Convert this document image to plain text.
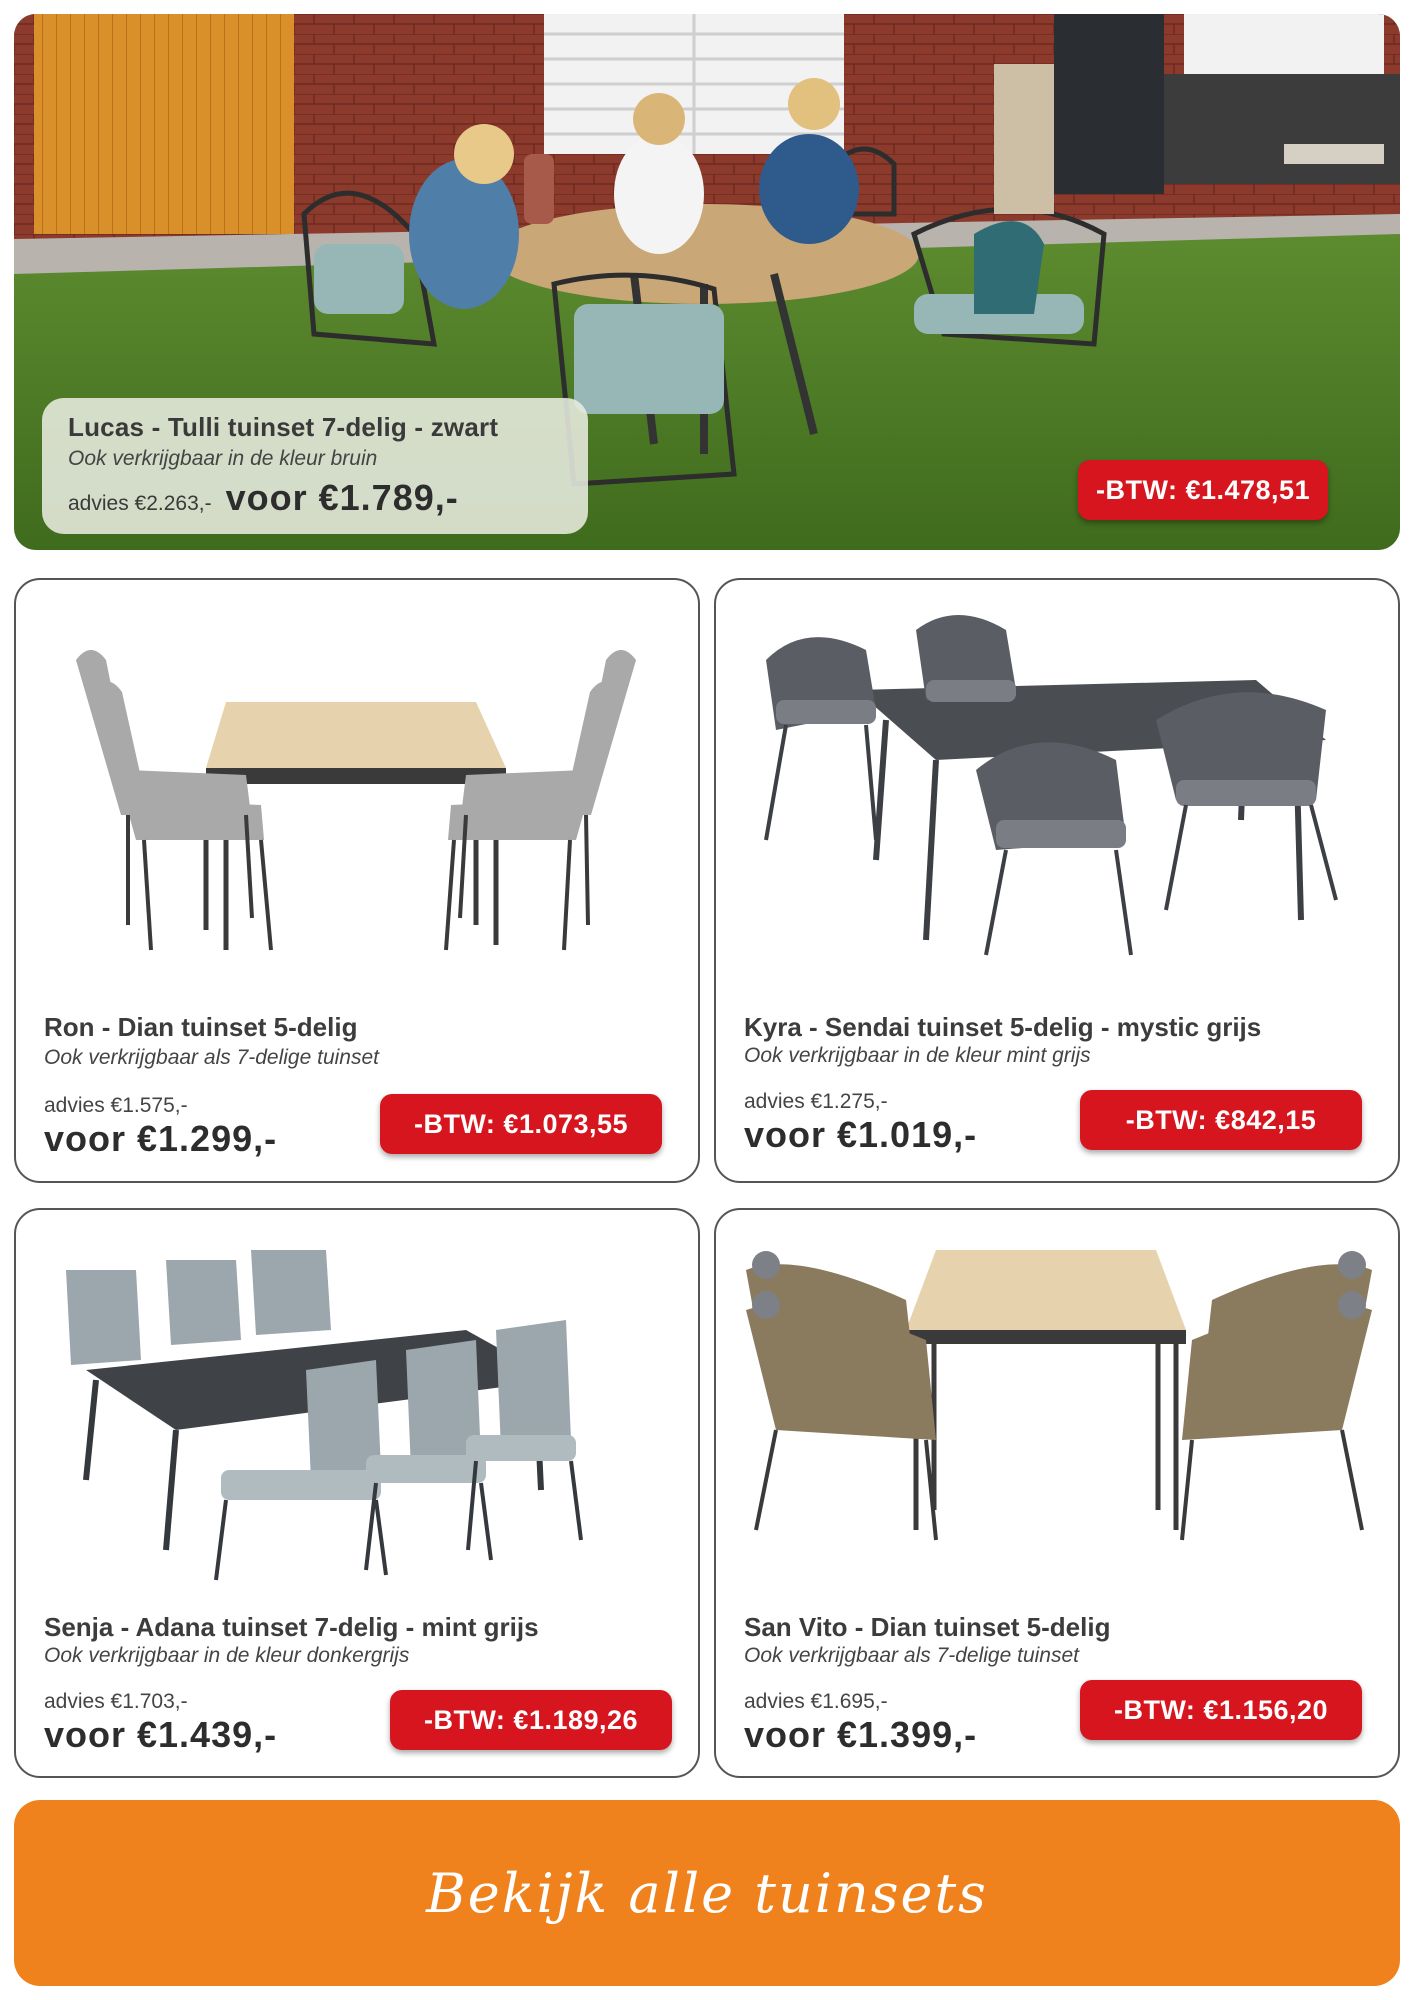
Lucas - Tulli tuinset 7-delig - zwart
Ook verkrijgbaar in de kleur bruin
advies €2.263,- voor €1.789,-	-BTW: €1.478,51
Ron - Dian tuinset 5-delig
Ook verkrijgbaar als 7-delige tuinset
advies €1.575,-
voor €1.299,-	-BTW: €1.073,55
Kyra - Sendai tuinset 5-delig - mystic grijs
Ook verkrijgbaar in de kleur mint grijs
advies €1.275,-
voor €1.019,-	-BTW: €842,15
Senja - Adana tuinset 7-delig - mint grijs
Ook verkrijgbaar in de kleur donkergrijs
advies €1.703,-
voor €1.439,-	-BTW: €1.189,26
San Vito - Dian tuinset 5-delig
Ook verkrijgbaar als 7-delige tuinset
advies €1.695,-
voor €1.399,-
-BTW: €1.156,20
Bekijk alle tuinsets
